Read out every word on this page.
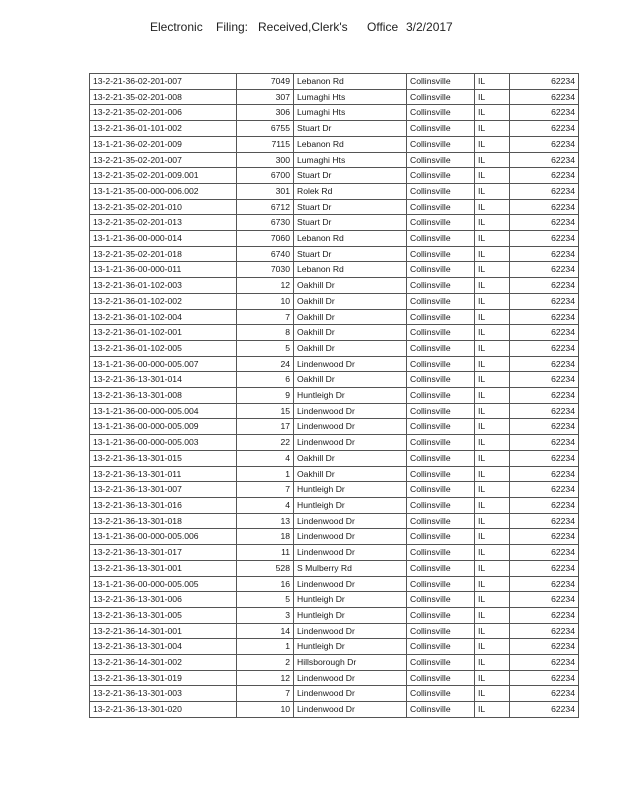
Electronic

Filing:

Received,Clerk's

Office

3/2/2017

13-2-21-36-02-201-007	7049	Lebanon Rd	Collinsville	IL	62234
13-2-21-35-02-201-008	307	Lumaghi Hts	Collinsville	IL	62234
13-2-21-35-02-201-006	306	Lumaghi Hts	Collinsville	IL	62234
13-2-21-36-01-101-002	6755	Stuart Dr	Collinsville	IL	62234
13-1-21-36-02-201-009	7115	Lebanon Rd	Collinsville	IL	62234
13-2-21-35-02-201-007	300	Lumaghi Hts	Collinsville	IL	62234
13-2-21-35-02-201-009.001	6700	Stuart Dr	Collinsville	IL	62234
13-1-21-35-00-000-006.002	301	Rolek Rd	Collinsville	IL	62234
13-2-21-35-02-201-010	6712	Stuart Dr	Collinsville	IL	62234
13-2-21-35-02-201-013	6730	Stuart Dr	Collinsville	IL	62234
13-1-21-36-00-000-014	7060	Lebanon Rd	Collinsville	IL	62234
13-2-21-35-02-201-018	6740	Stuart Dr	Collinsville	IL	62234
13-1-21-36-00-000-011	7030	Lebanon Rd	Collinsville	IL	62234
13-2-21-36-01-102-003	12	Oakhill Dr	Collinsville	IL	62234
13-2-21-36-01-102-002	10	Oakhill Dr	Collinsville	IL	62234
13-2-21-36-01-102-004	7	Oakhill Dr	Collinsville	IL	62234
13-2-21-36-01-102-001	8	Oakhill Dr	Collinsville	IL	62234
13-2-21-36-01-102-005	5	Oakhill Dr	Collinsville	IL	62234
13-1-21-36-00-000-005.007	24	Lindenwood Dr	Collinsville	IL	62234
13-2-21-36-13-301-014	6	Oakhill Dr	Collinsville	IL	62234
13-2-21-36-13-301-008	9	Huntleigh Dr	Collinsville	IL	62234
13-1-21-36-00-000-005.004	15	Lindenwood Dr	Collinsville	IL	62234
13-1-21-36-00-000-005.009	17	Lindenwood Dr	Collinsville	IL	62234
13-1-21-36-00-000-005.003	22	Lindenwood Dr	Collinsville	IL	62234
13-2-21-36-13-301-015	4	Oakhill Dr	Collinsville	IL	62234
13-2-21-36-13-301-011	1	Oakhill Dr	Collinsville	IL	62234
13-2-21-36-13-301-007	7	Huntleigh Dr	Collinsville	IL	62234
13-2-21-36-13-301-016	4	Huntleigh Dr	Collinsville	IL	62234
13-2-21-36-13-301-018	13	Lindenwood Dr	Collinsville	IL	62234
13-1-21-36-00-000-005.006	18	Lindenwood Dr	Collinsville	IL	62234
13-2-21-36-13-301-017	11	Lindenwood Dr	Collinsville	IL	62234
13-2-21-36-13-301-001	528	S Mulberry Rd	Collinsville	IL	62234
13-1-21-36-00-000-005.005	16	Lindenwood Dr	Collinsville	IL	62234
13-2-21-36-13-301-006	5	Huntleigh Dr	Collinsville	IL	62234
13-2-21-36-13-301-005	3	Huntleigh Dr	Collinsville	IL	62234
13-2-21-36-14-301-001	14	Lindenwood Dr	Collinsville	IL	62234
13-2-21-36-13-301-004	1	Huntleigh Dr	Collinsville	IL	62234
13-2-21-36-14-301-002	2	Hillsborough Dr	Collinsville	IL	62234
13-2-21-36-13-301-019	12	Lindenwood Dr	Collinsville	IL	62234
13-2-21-36-13-301-003	7	Lindenwood Dr	Collinsville	IL	62234
13-2-21-36-13-301-020	10	Lindenwood Dr	Collinsville	IL	62234
